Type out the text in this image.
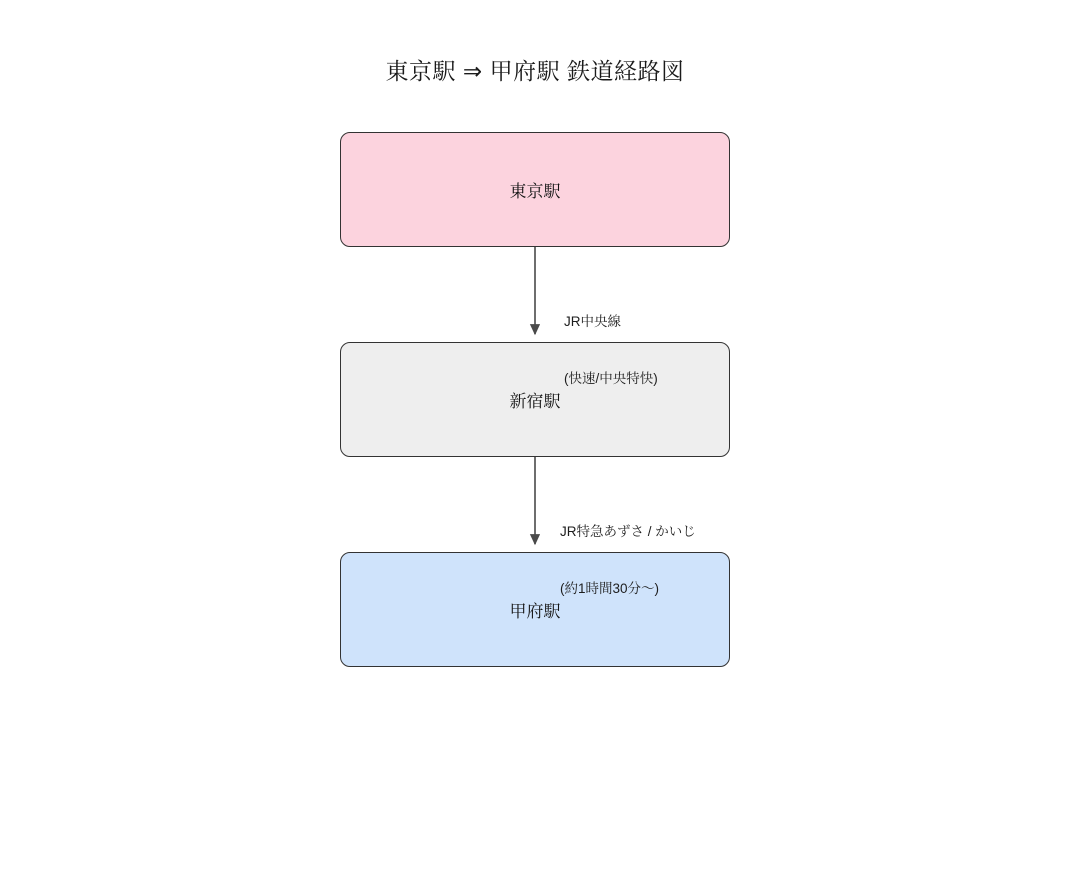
東京駅 ⇒ 甲府駅 鉄道経路図
東京駅
新宿駅
甲府駅

JR中央線

(快速/中央特快)

JR特急あずさ / かいじ

(約1時間30分〜)
